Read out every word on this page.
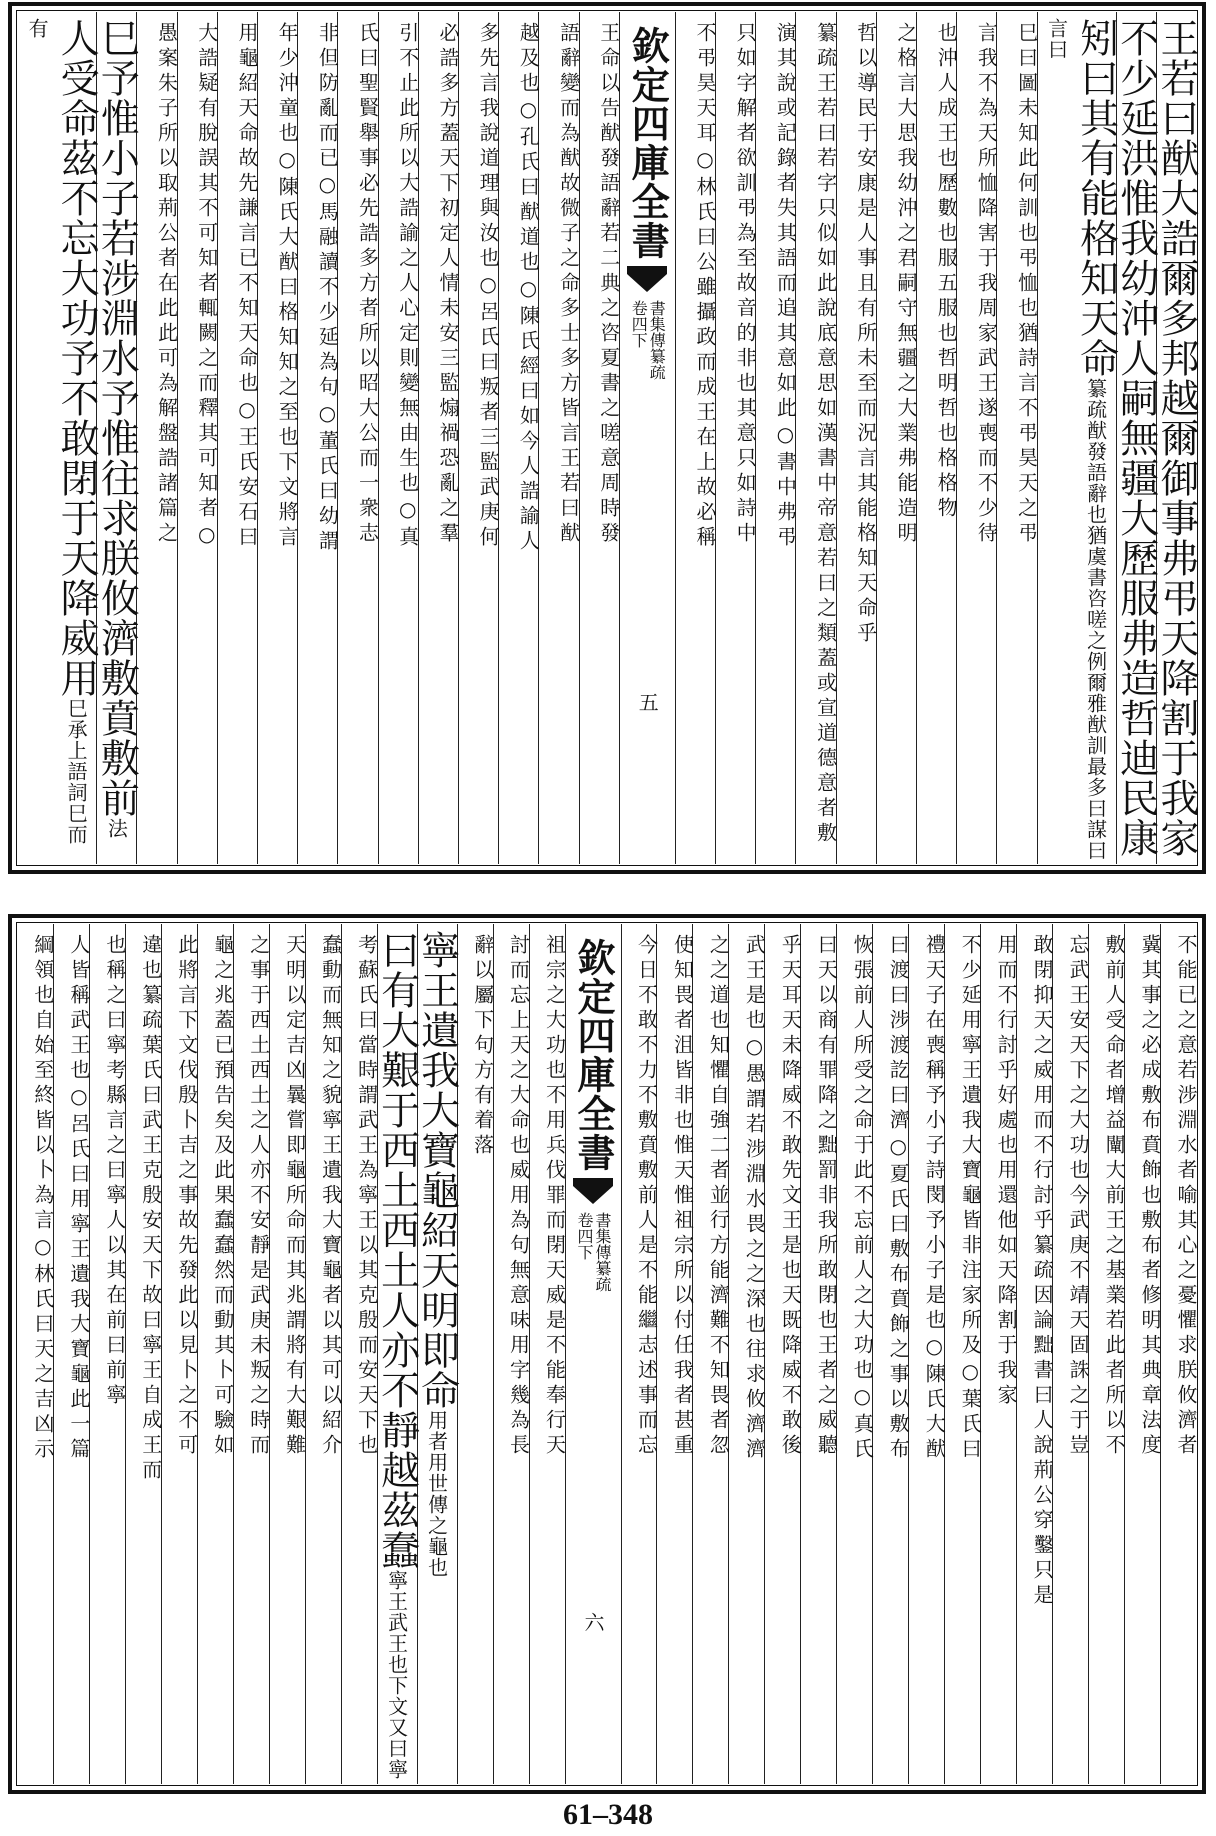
王若曰猷大誥爾多邦越爾御事弗弔天降割于我家
不少延洪惟我幼沖人嗣無疆大歷服弗造哲迪民康
矧曰其有能格知天命纂疏猷發語辭也猶虞書咨嗟之例爾雅猷訓最多曰謀曰言曰
巳曰圖未知此何訓也弔恤也猶詩言不弔昊天之弔
言我不為天所恤降害于我周家武王遂喪而不少待
也沖人成王也歷數也服五服也哲明哲也格格物
之格言大思我幼沖之君嗣守無疆之大業弗能造明
哲以導民于安康是人事且有所未至而況言其能格知天命乎
纂疏王若曰若字只似如此說底意思如漢書中帝意若曰之類蓋或宣道德意者敷
演其說或記錄者失其語而追其意如此○書中弗弔
只如字解者欲訓弔為至故音的非也其意只如詩中
不弔昊天耳○林氏曰公雖攝政而成王在上故必稱
欽定四庫全書
書集傳纂疏
卷四下
五
王命以告猷發語辭若二典之咨夏書之嗟意周時發
語辭變而為猷故微子之命多士多方皆言王若曰猷
越及也○孔氏曰猷道也○陳氏經曰如今人誥諭人
多先言我說道理與汝也○呂氏曰叛者三監武庚何
必誥多方蓋天下初定人情未安三監煽禍恐亂之羣
引不止此所以大誥諭之人心定則變無由生也○真
氏曰聖賢舉事必先誥多方者所以昭大公而一衆志
非但防亂而已○馬融讀不少延為句○董氏曰幼謂
年少沖童也○陳氏大猷曰格知知之至也下文將言
用龜紹天命故先謙言已不知天命也○王氏安石曰
大誥疑有脫誤其不可知者輒闕之而釋其可知者○
愚案朱子所以取荊公者在此此可為解盤誥諸篇之
巳予惟小子若涉淵水予惟往求朕攸濟敷賁敷前法
人受命茲不忘大功予不敢閉于天降威用巳承上語詞巳而有
不能已之意若涉淵水者喻其心之憂懼求朕攸濟者
冀其事之必成敷布賁飾也敷布者修明其典章法度
敷前人受命者增益闡大前王之基業若此者所以不
忘武王安天下之大功也今武庚不靖天固誅之于豈
敢閉抑天之威用而不行討乎纂疏因論黜書曰人說荊公穿鑿只是
用而不行討乎好處也用還他如天降割于我家
不少延用寧王遺我大寶龜皆非注家所及○葉氏曰
禮天子在喪稱予小子詩閔予小子是也○陳氏大猷
曰渡曰涉渡訖曰濟○夏氏曰敷布賁飾之事以敷布
恢張前人所受之命于此不忘前人之大功也○真氏
曰天以商有罪降之黜罰非我所敢閉也王者之威聽
乎天耳天未降威不敢先文王是也天既降威不敢後
武王是也○愚謂若涉淵水畏之之深也往求攸濟濟
之之道也知懼自強二者並行方能濟難不知畏者忽
使知畏者沮皆非也惟天惟祖宗所以付任我者甚重
今日不敢不力不敷賁敷前人是不能繼志述事而忘
欽定四庫全書
書集傳纂疏
卷四下
六
祖宗之大功也不用兵伐罪而閉天威是不能奉行天
討而忘上天之大命也威用為句無意味用字幾為長
辭以屬下句方有着落
寧王遺我大寶龜紹天明即命用者用世傳之龜也
曰有大艱于西土西土人亦不靜越茲蠢寧王武王也下文又曰寧
考蘇氏曰當時謂武王為寧王以其克殷而安天下也
蠢動而無知之貌寧王遺我大寶龜者以其可以紹介
天明以定吉凶曩嘗即龜所命而其兆謂將有大艱難
之事于西土西土之人亦不安靜是武庚未叛之時而
龜之兆蓋已預告矣及此果蠢蠢然而動其卜可驗如
此將言下文伐殷卜吉之事故先發此以見卜之不可
違也纂疏葉氏曰武王克殷安天下故曰寧王自成王而
也稱之曰寧考縣言之曰寧人以其在前曰前寧
人皆稱武王也○呂氏曰用寧王遺我大寶龜此一篇
綱領也自始至終皆以卜為言○林氏曰天之吉凶示
61–348
